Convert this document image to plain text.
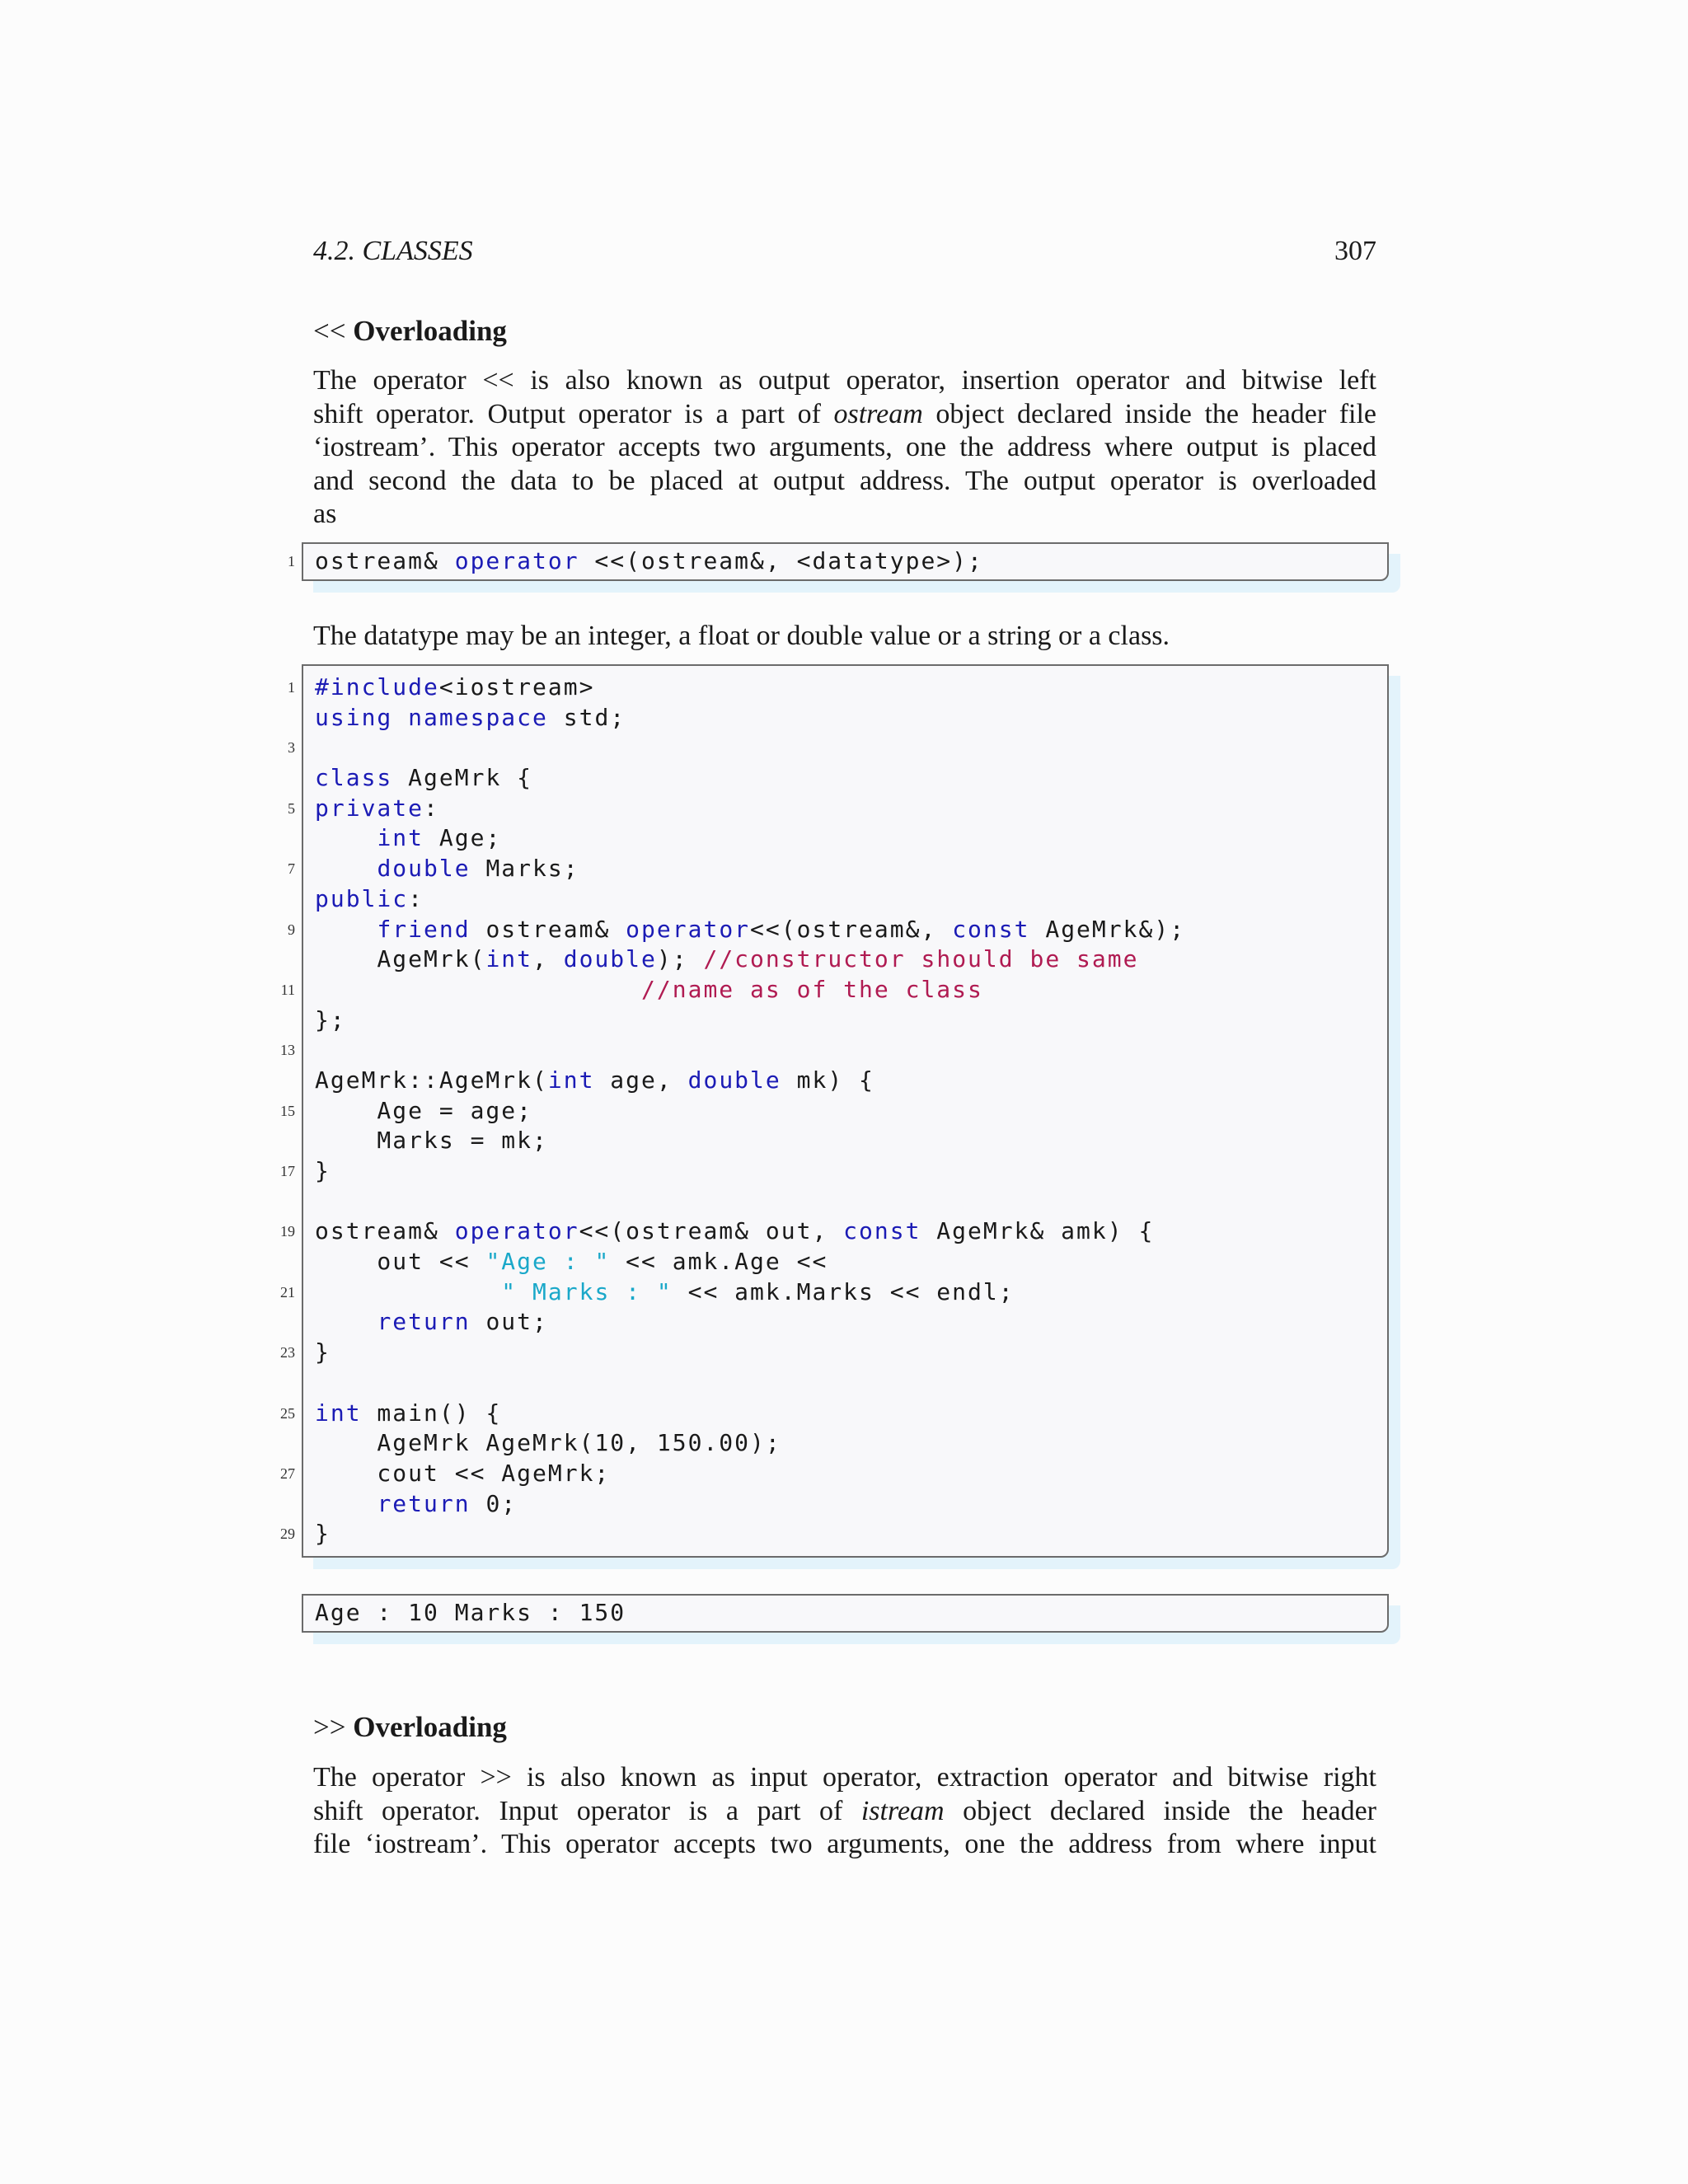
4.2. CLASSES	307
<< Overloading
The operator << is also known as output operator, insertion operator and bitwise left
shift operator. Output operator is a part of ostream object declared inside the header file
‘iostream’. This operator accepts two arguments, one the address where output is placed
and second the data to be placed at output address. The output operator is overloaded
as
1 ostream& operator <<(ostream&, <datatype>);
The datatype may be an integer, a float or double value or a string or a class.
1 #include<iostream>
using namespace std;
3
class AgeMrk {
5 private:
int Age;
7	double Marks;
public:
9	friend ostream& operator<<(ostream&, const AgeMrk&);
AgeMrk(int, double); //constructor should be same
11	//name as of the class
};
13
AgeMrk::AgeMrk(int age, double mk) {
15 Age = age;
Marks = mk;
17 }
19 ostream& operator<<(ostream& out, const AgeMrk& amk) {
out << "Age : " << amk.Age <<
21	" Marks : " << amk.Marks << endl;
return out;
23 }
25 int main() {
AgeMrk AgeMrk(10, 150.00);
27 cout << AgeMrk;
return 0;
29 }
Age : 10 Marks : 150
>> Overloading
The operator >> is also known as input operator, extraction operator and bitwise right
shift operator. Input operator is a part of istream object declared inside the header
file ‘iostream’. This operator accepts two arguments, one the address from where input
